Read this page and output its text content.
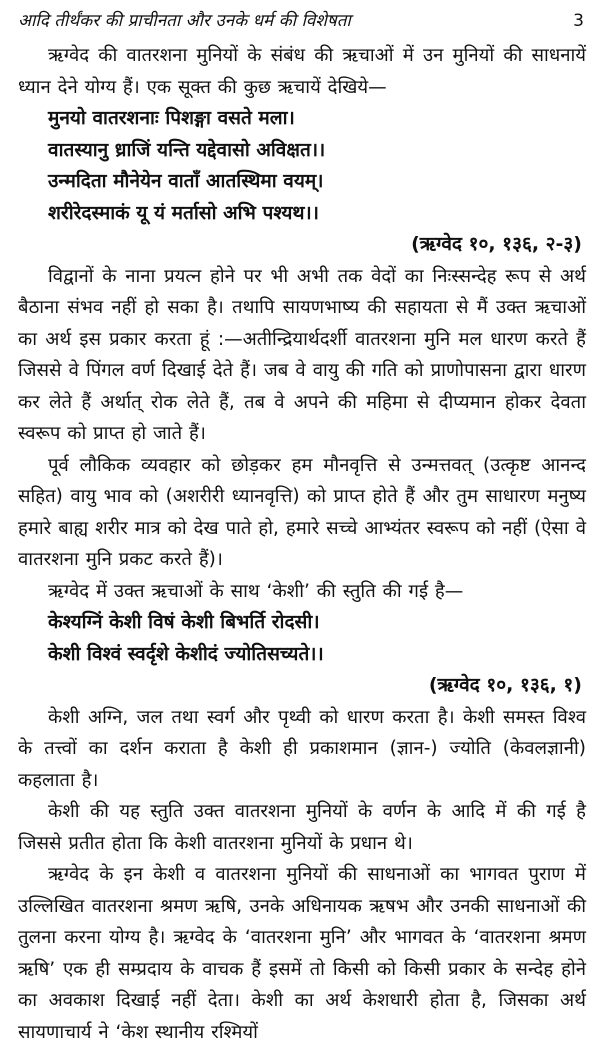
आदि तीर्थंकर की प्राचीनता और उनके धर्म की विशेषता	3

ऋग्वेद की वातरशना मुनियों के संबंध की ऋचाओं में उन मुनियों की साधनायें ध्यान देने योग्य हैं। एक सूक्त की कुछ ऋचायें देखिये—

मुनयो वातरशनाः पिशङ्गा वसते मला।

वातस्यानु ध्राजिं यन्ति यद्देवासो अविक्षत।।

उन्मदिता मौनेयेन वाताँ आतस्थिमा वयम्।

शरीरेदस्माकं यू यं मर्तासो अभि पश्यथ।।

(ऋग्वेद १०, १३६, २-३)

विद्वानों के नाना प्रयत्न होने पर भी अभी तक वेदों का निःस्सन्देह रूप से अर्थ बैठाना संभव नहीं हो सका है। तथापि सायणभाष्य की सहायता से मैं उक्त ऋचाओं का अर्थ इस प्रकार करता हूं :—अतीन्द्रियार्थदर्शी वातरशना मुनि मल धारण करते हैं जिससे वे पिंगल वर्ण दिखाई देते हैं। जब वे वायु की गति को प्राणोपासना द्वारा धारण कर लेते हैं अर्थात् रोक लेते हैं, तब वे अपने की महिमा से दीप्यमान होकर देवता स्वरूप को प्राप्त हो जाते हैं।

पूर्व लौकिक व्यवहार को छोड़कर हम मौनवृत्ति से उन्मत्तवत् (उत्कृष्ट आनन्द सहित) वायु भाव को (अशरीरी ध्यानवृत्ति) को प्राप्त होते हैं और तुम साधारण मनुष्य हमारे बाह्य शरीर मात्र को देख पाते हो, हमारे सच्चे आभ्यंतर स्वरूप को नहीं (ऐसा वे वातरशना मुनि प्रकट करते हैं)।

ऋग्वेद में उक्त ऋचाओं के साथ ‘केशी’ की स्तुति की गई है—

केश्यग्निं केशी विषं केशी बिभर्ति रोदसी।

केशी विश्वं स्वर्दृशे केशीदं ज्योतिसच्यते।।

(ऋग्वेद १०, १३६, १)

केशी अग्नि, जल तथा स्वर्ग और पृथ्वी को धारण करता है। केशी समस्त विश्व के तत्त्वों का दर्शन कराता है केशी ही प्रकाशमान (ज्ञान-) ज्योति (केवलज्ञानी) कहलाता है।

केशी की यह स्तुति उक्त वातरशना मुनियों के वर्णन के आदि में की गई है जिससे प्रतीत होता कि केशी वातरशना मुनियों के प्रधान थे।

ऋग्वेद के इन केशी व वातरशना मुनियों की साधनाओं का भागवत पुराण में उल्लिखित वातरशना श्रमण ऋषि, उनके अधिनायक ऋषभ और उनकी साधनाओं की तुलना करना योग्य है। ऋग्वेद के ‘वातरशना मुनि’ और भागवत के ‘वातरशना श्रमण ऋषि’ एक ही सम्प्रदाय के वाचक हैं इसमें तो किसी को किसी प्रकार के सन्देह होने का अवकाश दिखाई नहीं देता। केशी का अर्थ केशधारी होता है, जिसका अर्थ सायणाचार्य ने ‘केश स्थानीय रश्मियों
